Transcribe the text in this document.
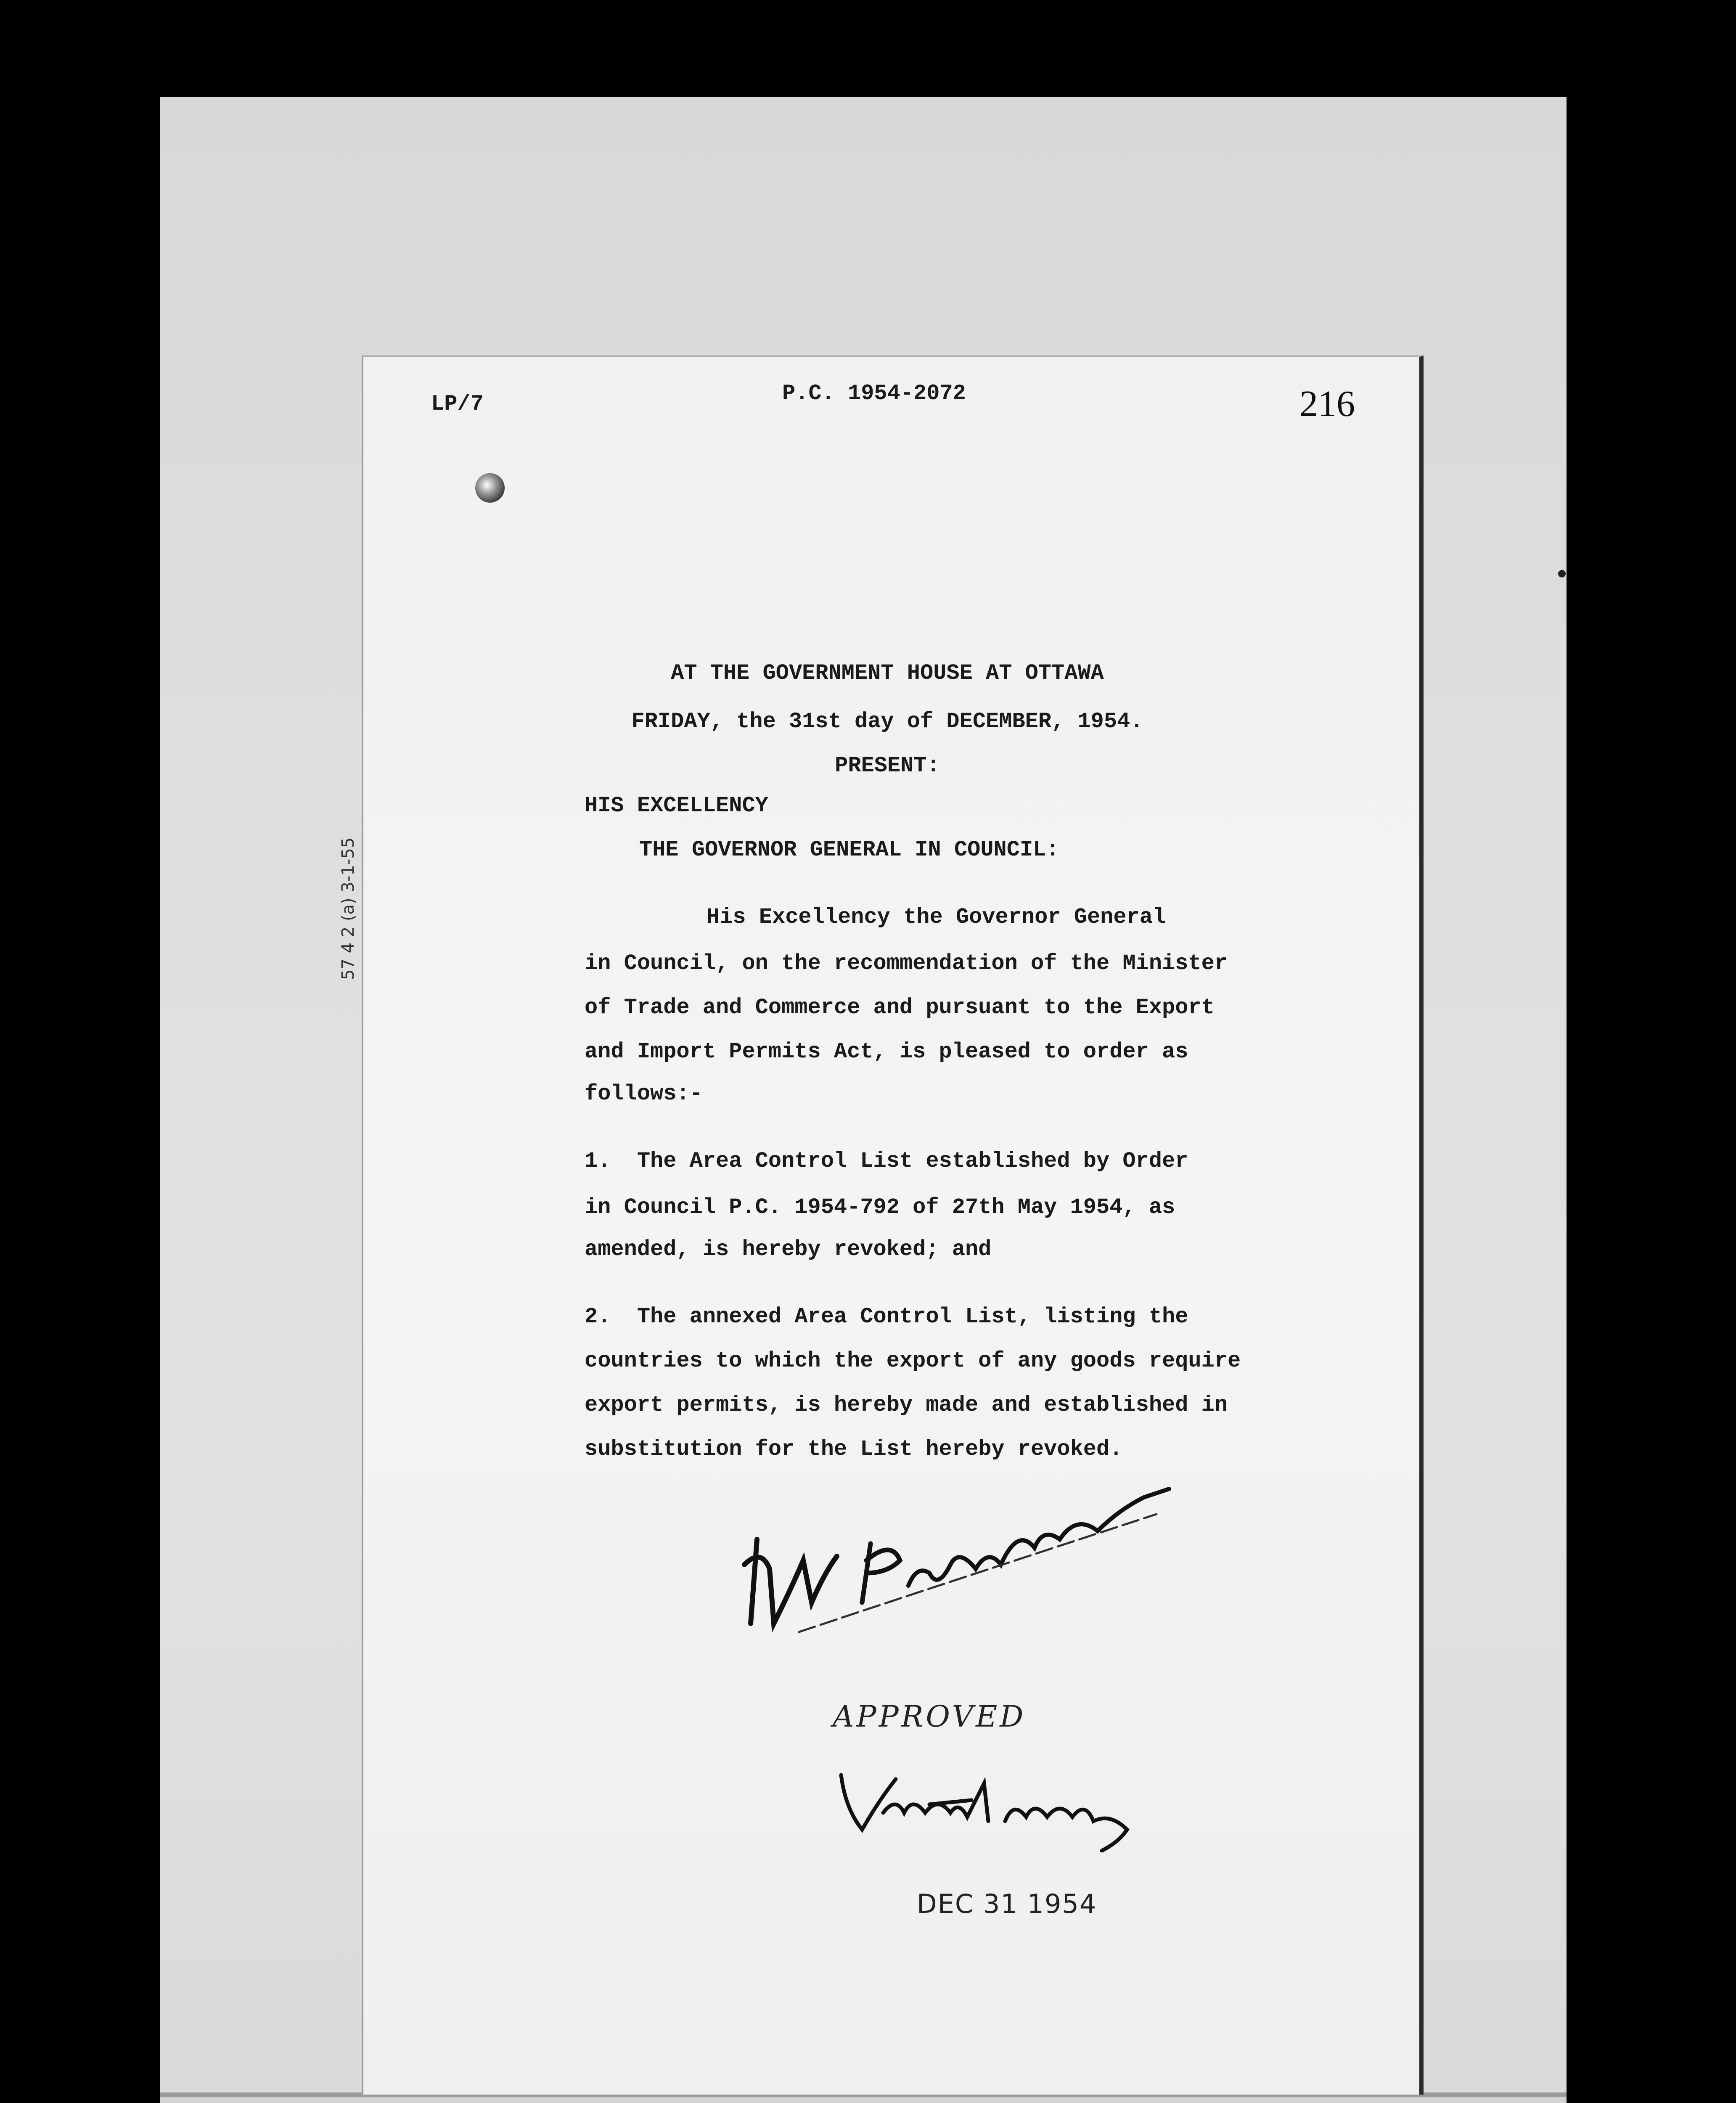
LP/7	P.C. 1954-2072	216
57 4 2 (a) 3-1-55
AT THE GOVERNMENT HOUSE AT OTTAWA
FRIDAY, the 31st day of DECEMBER, 1954.
PRESENT:
HIS EXCELLENCY
THE GOVERNOR GENERAL IN COUNCIL:
His Excellency the Governor General
in Council, on the recommendation of the Minister
of Trade and Commerce and pursuant to the Export
and Import Permits Act, is pleased to order as
follows:-
1.  The Area Control List established by Order
in Council P.C. 1954-792 of 27th May 1954, as
amended, is hereby revoked; and
2.  The annexed Area Control List, listing the
countries to which the export of any goods require
export permits, is hereby made and established in
substitution for the List hereby revoked.
APPROVED
DEC 31 1954
